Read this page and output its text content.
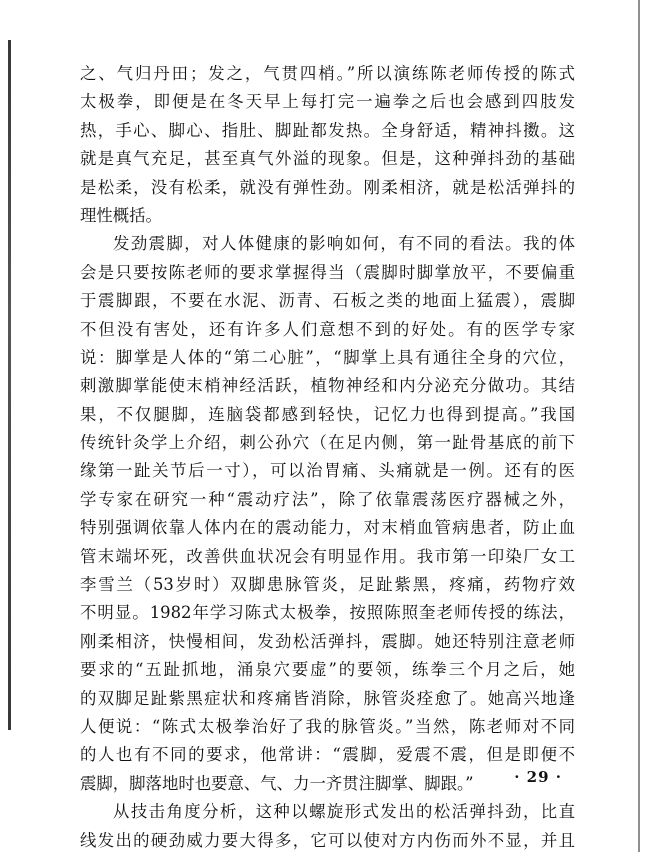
之、气归丹田；发之，气贯四梢。”所以演练陈老师传授的陈式
太极拳，即便是在冬天早上每打完一遍拳之后也会感到四肢发
热，手心、脚心、指肚、脚趾都发热。全身舒适，精神抖擞。这
就是真气充足，甚至真气外溢的现象。但是，这种弹抖劲的基础
是松柔，没有松柔，就没有弹性劲。刚柔相济，就是松活弹抖的
理性概括。
发劲震脚，对人体健康的影响如何，有不同的看法。我的体
会是只要按陈老师的要求掌握得当（震脚时脚掌放平，不要偏重
于震脚跟，不要在水泥、沥青、石板之类的地面上猛震），震脚
不但没有害处，还有许多人们意想不到的好处。有的医学专家
说：脚掌是人体的“第二心脏”，“脚掌上具有通往全身的穴位，
刺激脚掌能使末梢神经活跃，植物神经和内分泌充分做功。其结
果，不仅腿脚，连脑袋都感到轻快，记忆力也得到提高。”我国
传统针灸学上介绍，刺公孙穴（在足内侧，第一趾骨基底的前下
缘第一趾关节后一寸），可以治胃痛、头痛就是一例。还有的医
学专家在研究一种“震动疗法”，除了依靠震荡医疗器械之外，
特别强调依靠人体内在的震动能力，对末梢血管病患者，防止血
管末端坏死，改善供血状况会有明显作用。我市第一印染厂女工
李雪兰（53岁时）双脚患脉管炎，足趾紫黑，疼痛，药物疗效
不明显。1982年学习陈式太极拳，按照陈照奎老师传授的练法，
刚柔相济，快慢相间，发劲松活弹抖，震脚。她还特别注意老师
要求的“五趾抓地，涌泉穴要虚”的要领，练拳三个月之后，她
的双脚足趾紫黑症状和疼痛皆消除，脉管炎痊愈了。她高兴地逢
人便说：“陈式太极拳治好了我的脉管炎。”当然，陈老师对不同
的人也有不同的要求，他常讲：“震脚，爱震不震，但是即便不
震脚，脚落地时也要意、气、力一齐贯注脚掌、脚跟。”
从技击角度分析，这种以螺旋形式发出的松活弹抖劲，比直
线发出的硬劲威力要大得多，它可以使对方内伤而外不显，并且
· 29 ·
